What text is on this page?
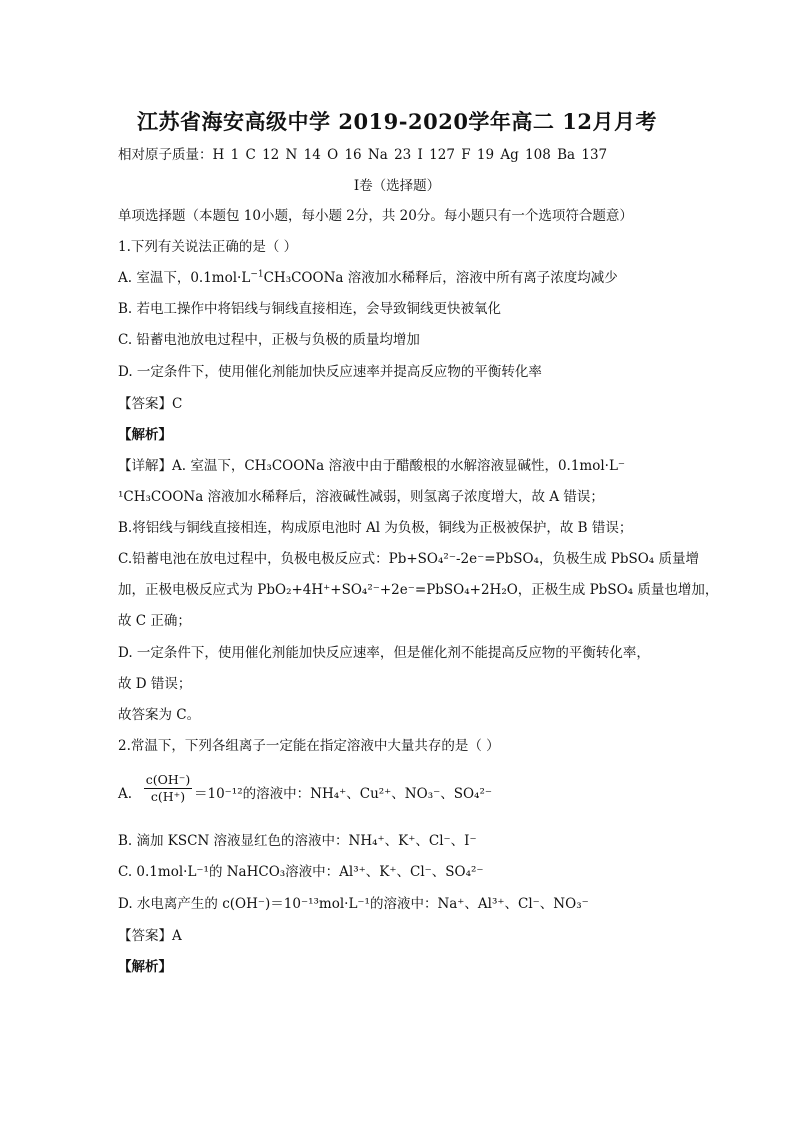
江苏省海安高级中学 2019-2020学年高二 12月月考
相对原子质量：H 1 C 12 N 14 O 16 Na 23 I 127 F 19 Ag 108 Ba 137
Ⅰ卷（选择题）
单项选择题（本题包 10小题，每小题 2分，共 20分。每小题只有一个选项符合题意）
1.下列有关说法正确的是（ ）
A. 室温下，$0.1mol\cdot L^{-1}CH_3COONa$ 溶液加水稀释后，溶液中所有离子浓度均减少
B. 若电工操作中将铝线与铜线直接相连，会导致铜线更快被氧化
C. 铅蓄电池放电过程中，正极与负极的质量均增加
D. 一定条件下，使用催化剂能加快反应速率并提高反应物的平衡转化率
【答案】C
【解析】
【详解】A. 室温下，CH₃COONa 溶液中由于醋酸根的水解溶液显碱性，0.1mol·L⁻
¹CH₃COONa 溶液加水稀释后，溶液碱性减弱，则氢离子浓度增大，故 A 错误；
B.将铝线与铜线直接相连，构成原电池时 Al 为负极，铜线为正极被保护，故 B 错误；
C.铅蓄电池在放电过程中，负极电极反应式：Pb+SO₄²⁻-2e⁻=PbSO₄，负极生成 PbSO₄ 质量增
加，正极电极反应式为 PbO₂+4H⁺+SO₄²⁻+2e⁻=PbSO₄+2H₂O，正极生成 PbSO₄ 质量也增加，
故 C 正确；
D. 一定条件下，使用催化剂能加快反应速率，但是催化剂不能提高反应物的平衡转化率，
故 D 错误；
故答案为 C。
2.常温下，下列各组离子一定能在指定溶液中大量共存的是（ ）
A. $\frac{c(OH^-)}{c(H^+)} =10^{-12}$的溶液中：NH₄⁺、Cu²⁺、NO₃⁻、SO₄²⁻
B. 滴加 KSCN 溶液显红色的溶液中：NH₄⁺、K⁺、Cl⁻、I⁻
C. 0.1mol·L⁻¹的 NaHCO₃溶液中：Al³⁺、K⁺、Cl⁻、SO₄²⁻
D. 水电离产生的 c(OH⁻)＝10⁻¹³mol·L⁻¹的溶液中：Na⁺、Al³⁺、Cl⁻、NO₃⁻
【答案】A
【解析】
